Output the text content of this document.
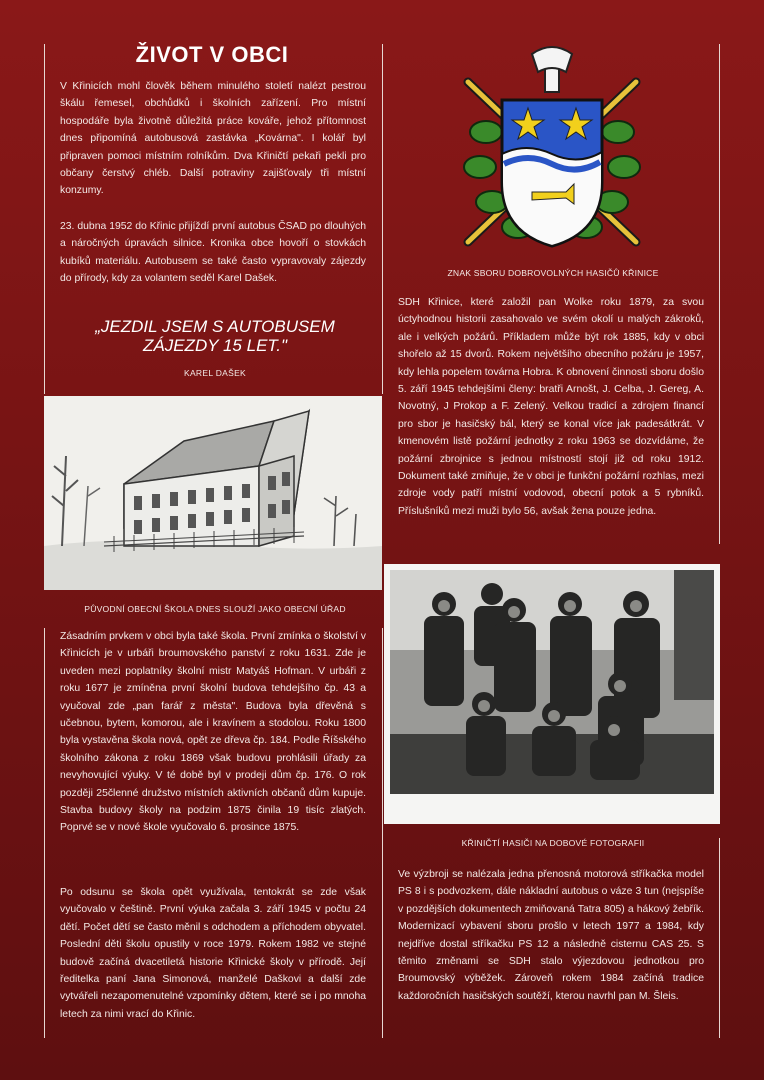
ŽIVOT V OBCI

V Křinicích mohl člověk během minulého století nalézt pestrou škálu řemesel, obchůdků i školních zařízení. Pro místní hospodáře byla životně důležitá práce kováře, jehož přítomnost dnes připomíná autobusová zastávka „Kovárna". I kolář byl připraven pomoci místním rolníkům. Dva Křiničtí pekaři pekli pro občany čerstvý chléb. Další potraviny zajišťovaly tři místní konzumy.

23. dubna 1952 do Křinic přijíždí první autobus ČSAD po dlouhých a náročných úpravách silnice. Kronika obce hovoří o stovkách kubíků materiálu. Autobusem se také často vypravovaly zájezdy do přírody, kdy za volantem seděl Karel Dašek.

„JEZDIL JSEM S AUTOBUSEM ZÁJEZDY 15 LET."
KAREL DAŠEK
PŮVODNÍ OBECNÍ ŠKOLA DNES SLOUŽÍ JAKO OBECNÍ ÚŘAD

Zásadním prvkem v obci byla také škola. První zmínka o školství v Křinicích je v urbáři broumovského panství z roku 1631. Zde je uveden mezi poplatníky školní mistr Matyáš Hofman. V urbáři z roku 1677 je zmíněna první školní budova tehdejšího čp. 43 a vyučoval zde „pan farář z města". Budova byla dřevěná s učebnou, bytem, komorou, ale i kravínem a stodolou. Roku 1800 byla vystavěna škola nová, opět ze dřeva čp. 184. Podle Říšského školního zákona z roku 1869 však budovu prohlásili úřady za nevyhovující výuky. V té době byl v prodeji dům čp. 176. O rok později 25členné družstvo místních aktivních občanů dům kupuje. Stavba budovy školy na podzim 1875 činila 19 tisíc zlatých. Poprvé se v nové škole vyučovalo 6. prosince 1875.

Po odsunu se škola opět využívala, tentokrát se zde však vyučovalo v češtině. První výuka začala 3. září 1945 v počtu 24 dětí. Počet dětí se často měnil s odchodem a příchodem obyvatel. Poslední děti školu opustily v roce 1979. Rokem 1982 ve stejné budově začíná dvacetiletá historie Křinické školy v přírodě. Její ředitelka paní Jana Simonová, manželé Daškovi a další zde vytvářeli nezapomenutelné vzpomínky dětem, které se i po mnoha letech za nimi vrací do Křinic.

ZNAK SBORU DOBROVOLNÝCH HASIČŮ KŘINICE

SDH Křinice, které založil pan Wolke roku 1879, za svou úctyhodnou historii zasahovalo ve svém okolí u malých zákroků, ale i velkých požárů. Příkladem může být rok 1885, kdy v obci shořelo až 15 dvorů. Rokem největšího obecního požáru je 1957, kdy lehla popelem továrna Hobra. K obnovení činnosti sboru došlo 5. září 1945 tehdejšími členy: bratři Arnošt, J. Celba, J. Gereg, A. Novotný, J Prokop a F. Zelený. Velkou tradicí a zdrojem financí pro sbor je hasičský bál, který se konal více jak padesátkrát. V kmenovém listě požární jednotky z roku 1963 se dozvídáme, že požární zbrojnice s jednou místností stojí již od roku 1912. Dokument také zmiňuje, že v obci je funkční požární rozhlas, mezi zdroje vody patří místní vodovod, obecní potok a 5 rybníků. Příslušníků mezi muži bylo 56, avšak žena pouze jedna.

KŘINIČTÍ HASIČI NA DOBOVÉ FOTOGRAFII

Ve výzbroji se nalézala jedna přenosná motorová stříkačka model PS 8 i s podvozkem, dále nákladní autobus o váze 3 tun (nejspíše v pozdějších dokumentech zmiňovaná Tatra 805) a hákový žebřík. Modernizací vybavení sboru prošlo v letech 1977 a 1984, kdy nejdříve dostal stříkačku PS 12 a následně cisternu CAS 25. S těmito změnami se SDH stalo výjezdovou jednotkou pro Broumovský výběžek. Zároveň rokem 1984 začíná tradice každoročních hasičských soutěží, kterou navrhl pan M. Šleis.
